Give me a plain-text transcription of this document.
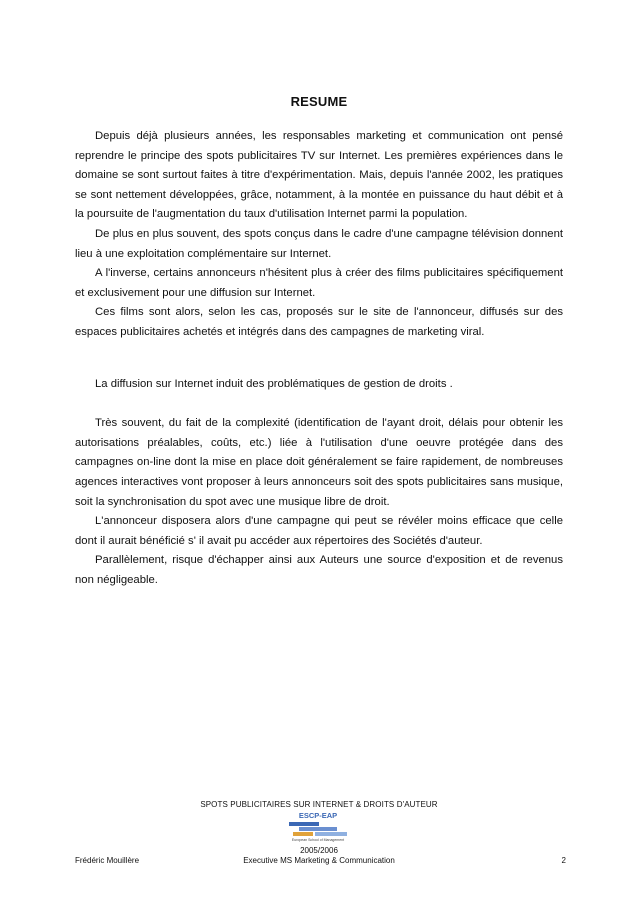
RESUME

Depuis déjà plusieurs années, les responsables marketing et communication ont pensé reprendre le principe des spots publicitaires TV sur Internet. Les premières expériences dans le domaine se sont surtout faites à titre d'expérimentation. Mais, depuis l'année 2002, les pratiques se sont nettement développées, grâce, notamment, à la montée en puissance du haut débit et à la poursuite de l'augmentation du taux d'utilisation Internet parmi la population.

De plus en plus souvent, des spots conçus dans le cadre d'une campagne télévision donnent lieu à une exploitation complémentaire sur Internet.

A l'inverse, certains annonceurs n'hésitent plus à créer des films publicitaires spécifiquement et exclusivement pour une diffusion sur Internet.

Ces films sont alors, selon les cas, proposés sur le site de l'annonceur, diffusés sur des espaces publicitaires achetés et intégrés dans des campagnes de marketing viral.

La diffusion sur Internet induit des problématiques de gestion de droits .

Très souvent, du fait de la complexité (identification de l'ayant droit, délais pour obtenir les autorisations préalables, coûts, etc.) liée à l'utilisation d'une oeuvre protégée dans des campagnes on-line dont la mise en place doit généralement se faire rapidement, de nombreuses agences interactives vont proposer à leurs annonceurs soit des spots publicitaires sans musique, soit la synchronisation du spot avec une musique libre de droit.

L'annonceur disposera alors d'une campagne qui peut se révéler moins efficace que celle dont il aurait bénéficié s' il avait pu accéder aux répertoires des Sociétés d'auteur.

Parallèlement, risque d'échapper ainsi aux Auteurs une source d'exposition et de revenus non négligeable.

SPOTS PUBLICITAIRES SUR INTERNET & DROITS D'AUTEUR
ESCP-EAP
European School of Management
2005/2006
Frédéric Mouillère	Executive MS Marketing & Communication	2
